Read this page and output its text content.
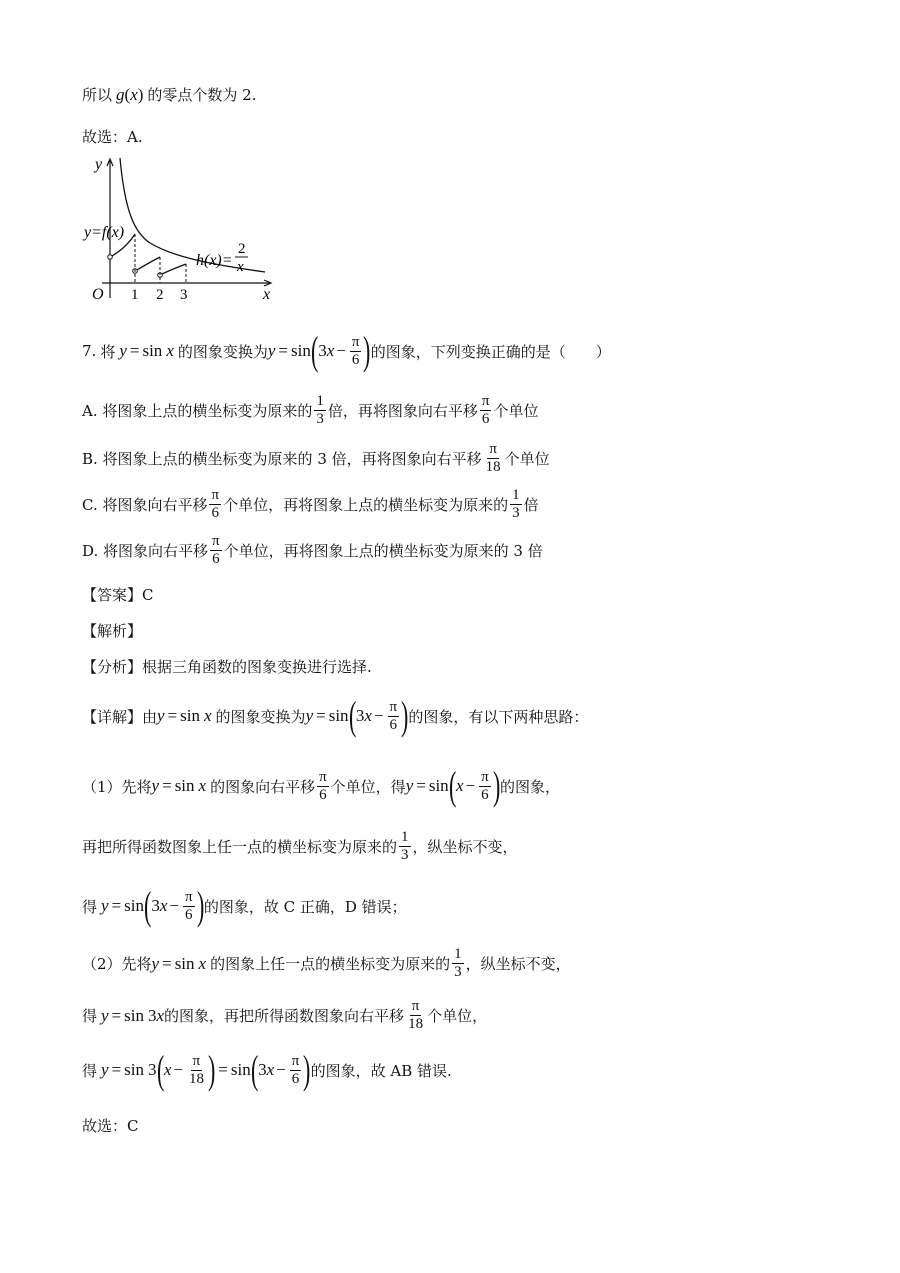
所以 g ( x ) 的零点个数为 2.
故选：A.
y
x
O 1 2 3
y=f(x)
h(x)=
2
x
7. 将 y = sin x 的图象变换为 y = sin ( 3 $x - \frac{\pi}{6}$ ) 的图象，下列变换正确的是（　　）
A. 将图象上点的横坐标变为原来的 $\frac{1}{3}$ 倍，再将图象向右平移 $\frac{\pi}{6}$ 个单位
B. 将图象上点的横坐标变为原来的 3 倍，再将图象向右平移 $\frac{\pi}{18}$ 个单位
C. 将图象向右平移 $\frac{\pi}{6}$ 个单位，再将图象上点的横坐标变为原来的 $\frac{1}{3}$ 倍
D. 将图象向右平移 $\frac{\pi}{6}$ 个单位，再将图象上点的横坐标变为原来的 3 倍
【答案】C
【解析】
【分析】根据三角函数的图象变换进行选择.
【详解】由 y = sin x 的图象变换为 y = sin ( 3 $x - \frac{\pi}{6}$ ) 的图象，有以下两种思路：
（1）先将 y = sin x 的图象向右平移 $\frac{\pi}{6}$ 个单位，得 y = sin ( $x - \frac{\pi}{6}$ ) 的图象，
再把所得函数图象上任一点的横坐标变为原来的 $\frac{1}{3}$ ，纵坐标不变，
得 y = sin ( 3 $x - \frac{\pi}{6}$ ) 的图象，故 C 正确，D 错误；
（2）先将 y = sin x 的图象上任一点的横坐标变为原来的 $\frac{1}{3}$ ，纵坐标不变，
得 y = sin 3 x 的图象，再把所得函数图象向右平移 $\frac{\pi}{18}$ 个单位，
得 y = sin 3 ( $x - \frac{\pi}{18}$ ) = sin ( 3 $x - \frac{\pi}{6}$ ) 的图象，故 AB 错误.
故选：C
